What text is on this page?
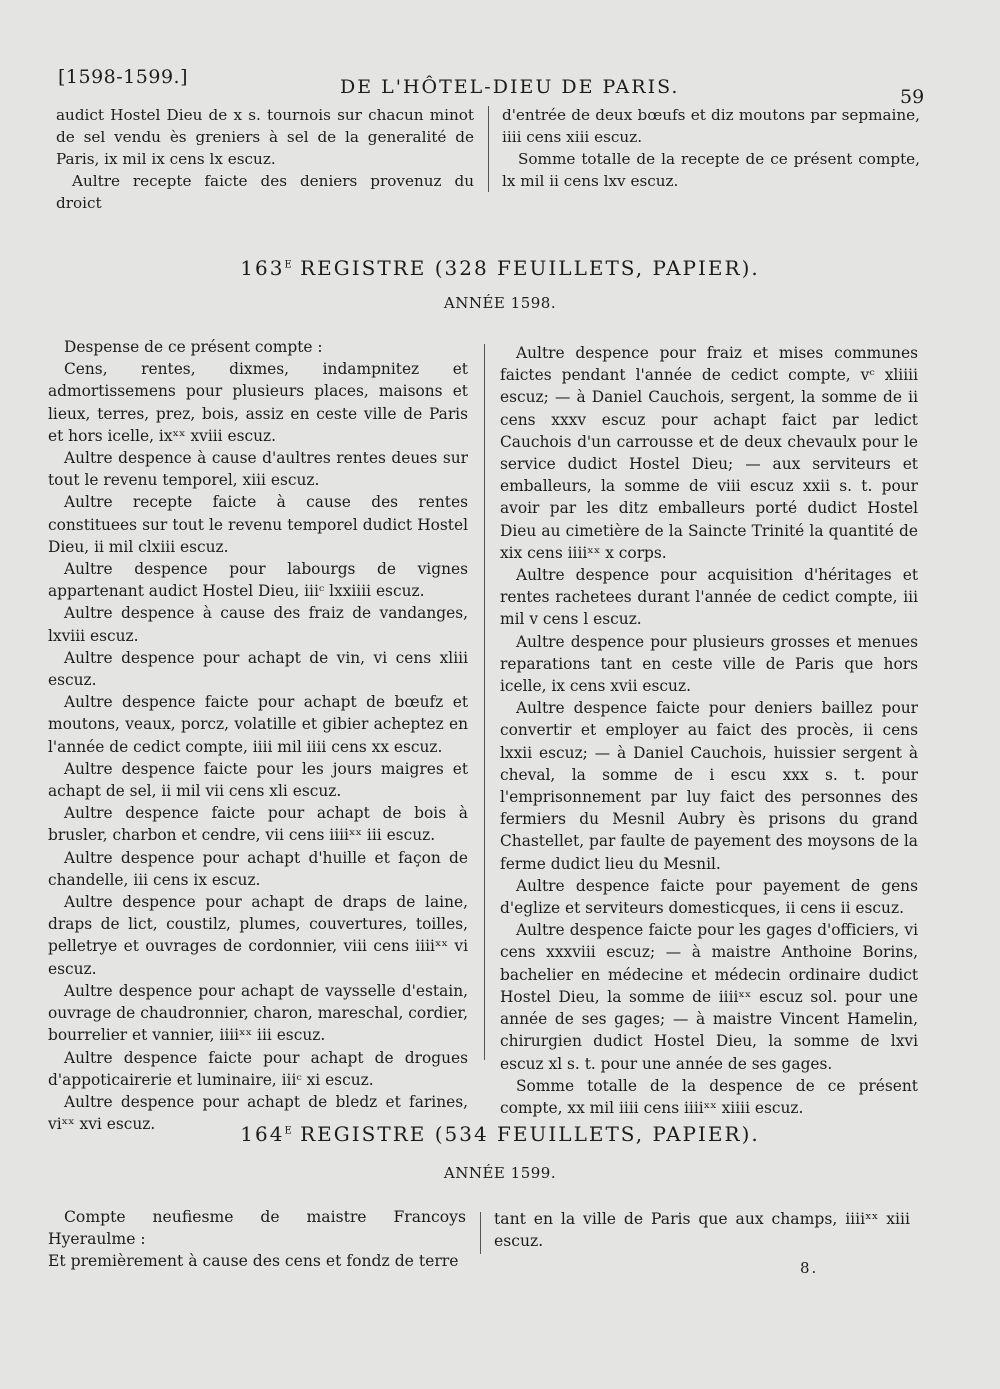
[1598-1599.]	DE L'HÔTEL-DIEU DE PARIS.	59

audict Hostel Dieu de x s. tournois sur chacun minot de sel vendu ès greniers à sel de la generalité de Paris, ix mil ix cens lx escuz.

Aultre recepte faicte des deniers provenuz du droict

d'entrée de deux bœufs et diz moutons par sepmaine, iiii cens xiii escuz.

Somme totalle de la recepte de ce présent compte, lx mil ii cens lxv escuz.

$163^E$ REGISTRE (328 FEUILLETS, PAPIER).
ANNÉE 1598.

Despense de ce présent compte :

Cens, rentes, dixmes, indampnitez et admortissemens pour plusieurs places, maisons et lieux, terres, prez, bois, assiz en ceste ville de Paris et hors icelle, ixˣˣ xviii escuz.

Aultre despence à cause d'aultres rentes deues sur tout le revenu temporel, xiii escuz.

Aultre recepte faicte à cause des rentes constituees sur tout le revenu temporel dudict Hostel Dieu, ii mil clxiii escuz.

Aultre despence pour labourgs de vignes appartenant audict Hostel Dieu, iiiᶜ lxxiiii escuz.

Aultre despence à cause des fraiz de vandanges, lxviii escuz.

Aultre despence pour achapt de vin, vi cens xliii escuz.

Aultre despence faicte pour achapt de bœufz et moutons, veaux, porcz, volatille et gibier acheptez en l'année de cedict compte, iiii mil iiii cens xx escuz.

Aultre despence faicte pour les jours maigres et achapt de sel, ii mil vii cens xli escuz.

Aultre despence faicte pour achapt de bois à brusler, charbon et cendre, vii cens iiiiˣˣ iii escuz.

Aultre despence pour achapt d'huille et façon de chandelle, iii cens ix escuz.

Aultre despence pour achapt de draps de laine, draps de lict, coustilz, plumes, couvertures, toilles, pelletrye et ouvrages de cordonnier, viii cens iiiiˣˣ vi escuz.

Aultre despence pour achapt de vaysselle d'estain, ouvrage de chaudronnier, charon, mareschal, cordier, bourrelier et vannier, iiiiˣˣ iii escuz.

Aultre despence faicte pour achapt de drogues d'appoticairerie et luminaire, iiiᶜ xi escuz.

Aultre despence pour achapt de bledz et farines, viˣˣ xvi escuz.

Aultre despence pour fraiz et mises communes faictes pendant l'année de cedict compte, vᶜ xliiii escuz; — à Daniel Cauchois, sergent, la somme de ii cens xxxv escuz pour achapt faict par ledict Cauchois d'un carrousse et de deux chevaulx pour le service dudict Hostel Dieu; — aux serviteurs et emballeurs, la somme de viii escuz xxii s. t. pour avoir par les ditz emballeurs porté dudict Hostel Dieu au cimetière de la Saincte Trinité la quantité de xix cens iiiiˣˣ x corps.

Aultre despence pour acquisition d'héritages et rentes rachetees durant l'année de cedict compte, iii mil v cens l escuz.

Aultre despence pour plusieurs grosses et menues reparations tant en ceste ville de Paris que hors icelle, ix cens xvii escuz.

Aultre despence faicte pour deniers baillez pour convertir et employer au faict des procès, ii cens lxxii escuz; — à Daniel Cauchois, huissier sergent à cheval, la somme de i escu xxx s. t. pour l'emprisonnement par luy faict des personnes des fermiers du Mesnil Aubry ès prisons du grand Chastellet, par faulte de payement des moysons de la ferme dudict lieu du Mesnil.

Aultre despence faicte pour payement de gens d'eglize et serviteurs domesticques, ii cens ii escuz.

Aultre despence faicte pour les gages d'officiers, vi cens xxxviii escuz; — à maistre Anthoine Borins, bachelier en médecine et médecin ordinaire dudict Hostel Dieu, la somme de iiiiˣˣ escuz sol. pour une année de ses gages; — à maistre Vincent Hamelin, chirurgien dudict Hostel Dieu, la somme de lxvi escuz xl s. t. pour une année de ses gages.

Somme totalle de la despence de ce présent compte, xx mil iiii cens iiiiˣˣ xiiii escuz.

$164^E$ REGISTRE (534 FEUILLETS, PAPIER).
ANNÉE 1599.

Compte neufiesme de maistre Francoys Hyeraulme :

Et premièrement à cause des cens et fondz de terre

tant en la ville de Paris que aux champs, iiiiˣˣ xiii escuz.

8.
